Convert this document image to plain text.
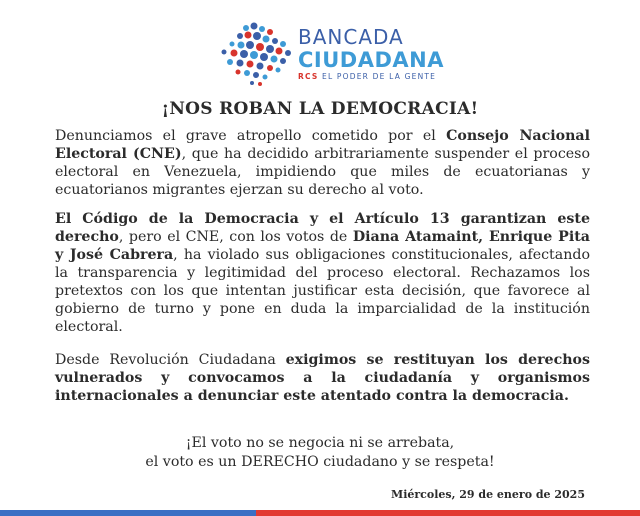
BANCADA
CIUDADANA
RCS EL PODER DE LA GENTE
¡NOS ROBAN LA DEMOCRACIA!

Denunciamos el grave atropello cometido por el Consejo Nacional Electoral (CNE), que ha decidido arbitrariamente suspender el proceso electoral en Venezuela, impidiendo que miles de ecuatorianas y ecuatorianos migrantes ejerzan su derecho al voto.

El Código de la Democracia y el Artículo 13 garantizan este derecho, pero el CNE, con los votos de Diana Atamaint, Enrique Pita y José Cabrera, ha violado sus obligaciones constitucionales, afectando la transparencia y legitimidad del proceso electoral. Rechazamos los pretextos con los que intentan justificar esta decisión, que favorece al gobierno de turno y pone en duda la imparcialidad de la institución electoral.

Desde Revolución Ciudadana exigimos se restituyan los derechos vulnerados y convocamos a la ciudadanía y organismos internacionales a denunciar este atentado contra la democracia.

¡El voto no se negocia ni se arrebata,
el voto es un DERECHO ciudadano y se respeta!
Miércoles, 29 de enero de 2025
